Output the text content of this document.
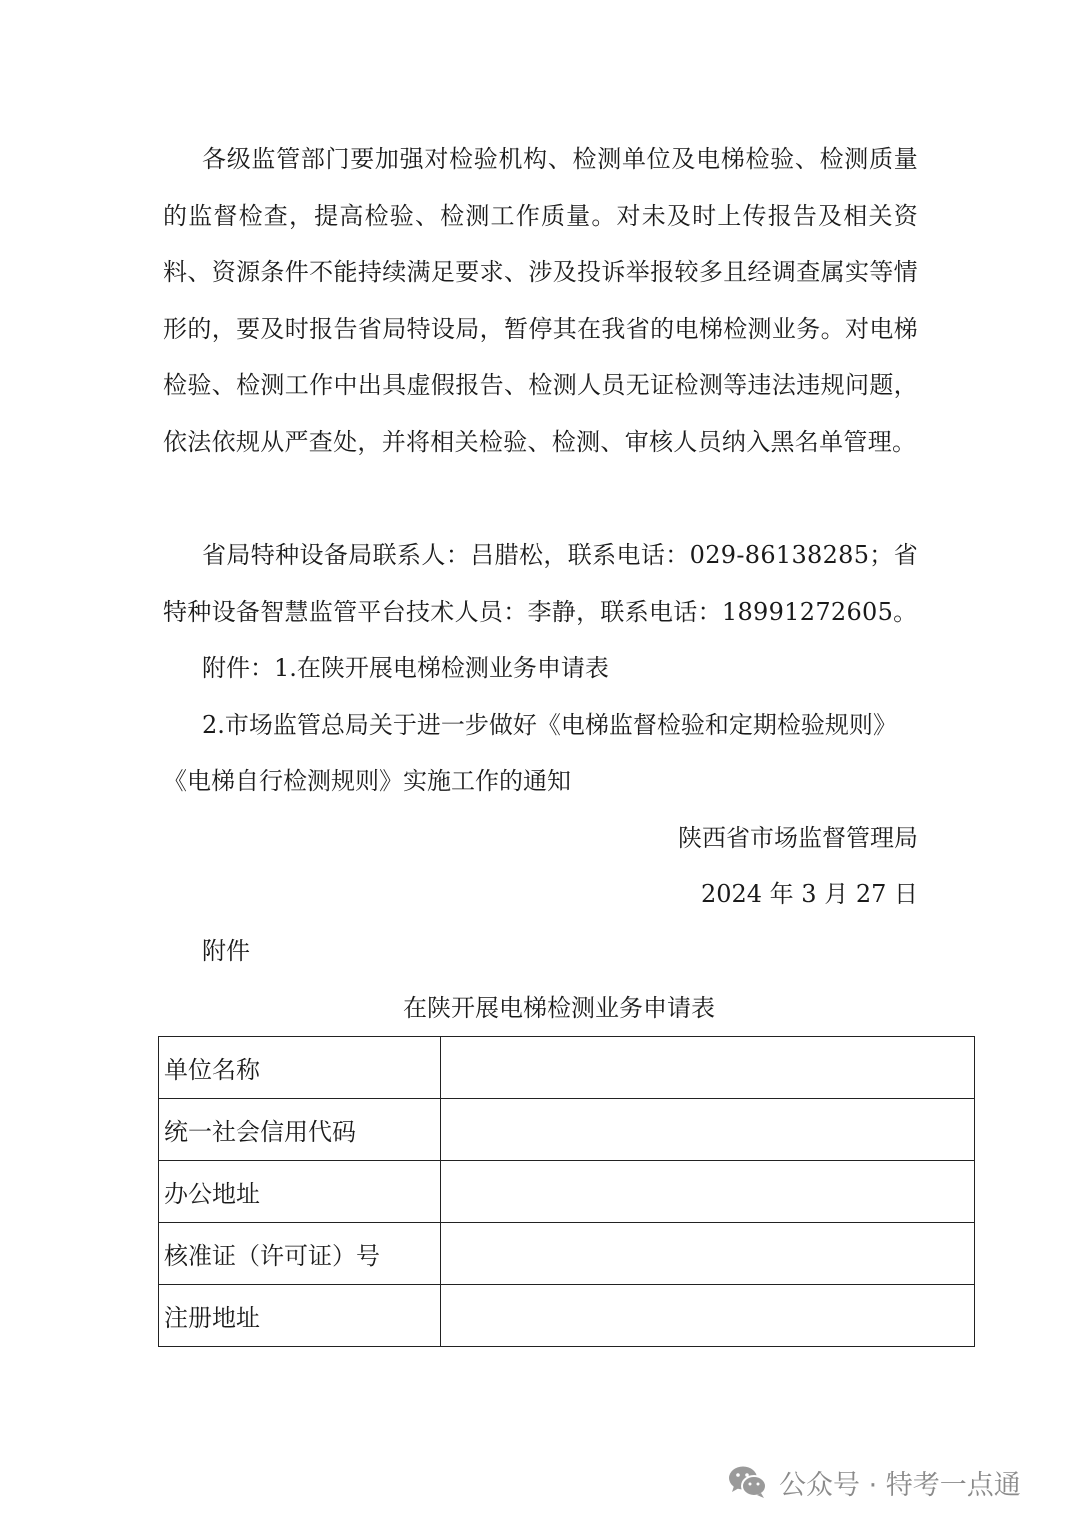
各级监管部门要加强对检验机构、检测单位及电梯检验、检测质量的监督检查，提高检验、检测工作质量。对未及时上传报告及相关资料、资源条件不能持续满足要求、涉及投诉举报较多且经调查属实等情形的，要及时报告省局特设局，暂停其在我省的电梯检测业务。对电梯检验、检测工作中出具虚假报告、检测人员无证检测等违法违规问题，依法依规从严查处，并将相关检验、检测、审核人员纳入黑名单管理。

省局特种设备局联系人：吕腊松，联系电话：029-86138285；省特种设备智慧监管平台技术人员：李静，联系电话：18991272605。

附件：1.在陕开展电梯检测业务申请表

2.市场监管总局关于进一步做好《电梯监督检验和定期检验规则》

《电梯自行检测规则》实施工作的通知

陕西省市场监督管理局

2024 年 3 月 27 日

附件

在陕开展电梯检测业务申请表
单位名称	
统一社会信用代码	
办公地址	
核准证（许可证）号	
注册地址	
公众号 · 特考一点通
